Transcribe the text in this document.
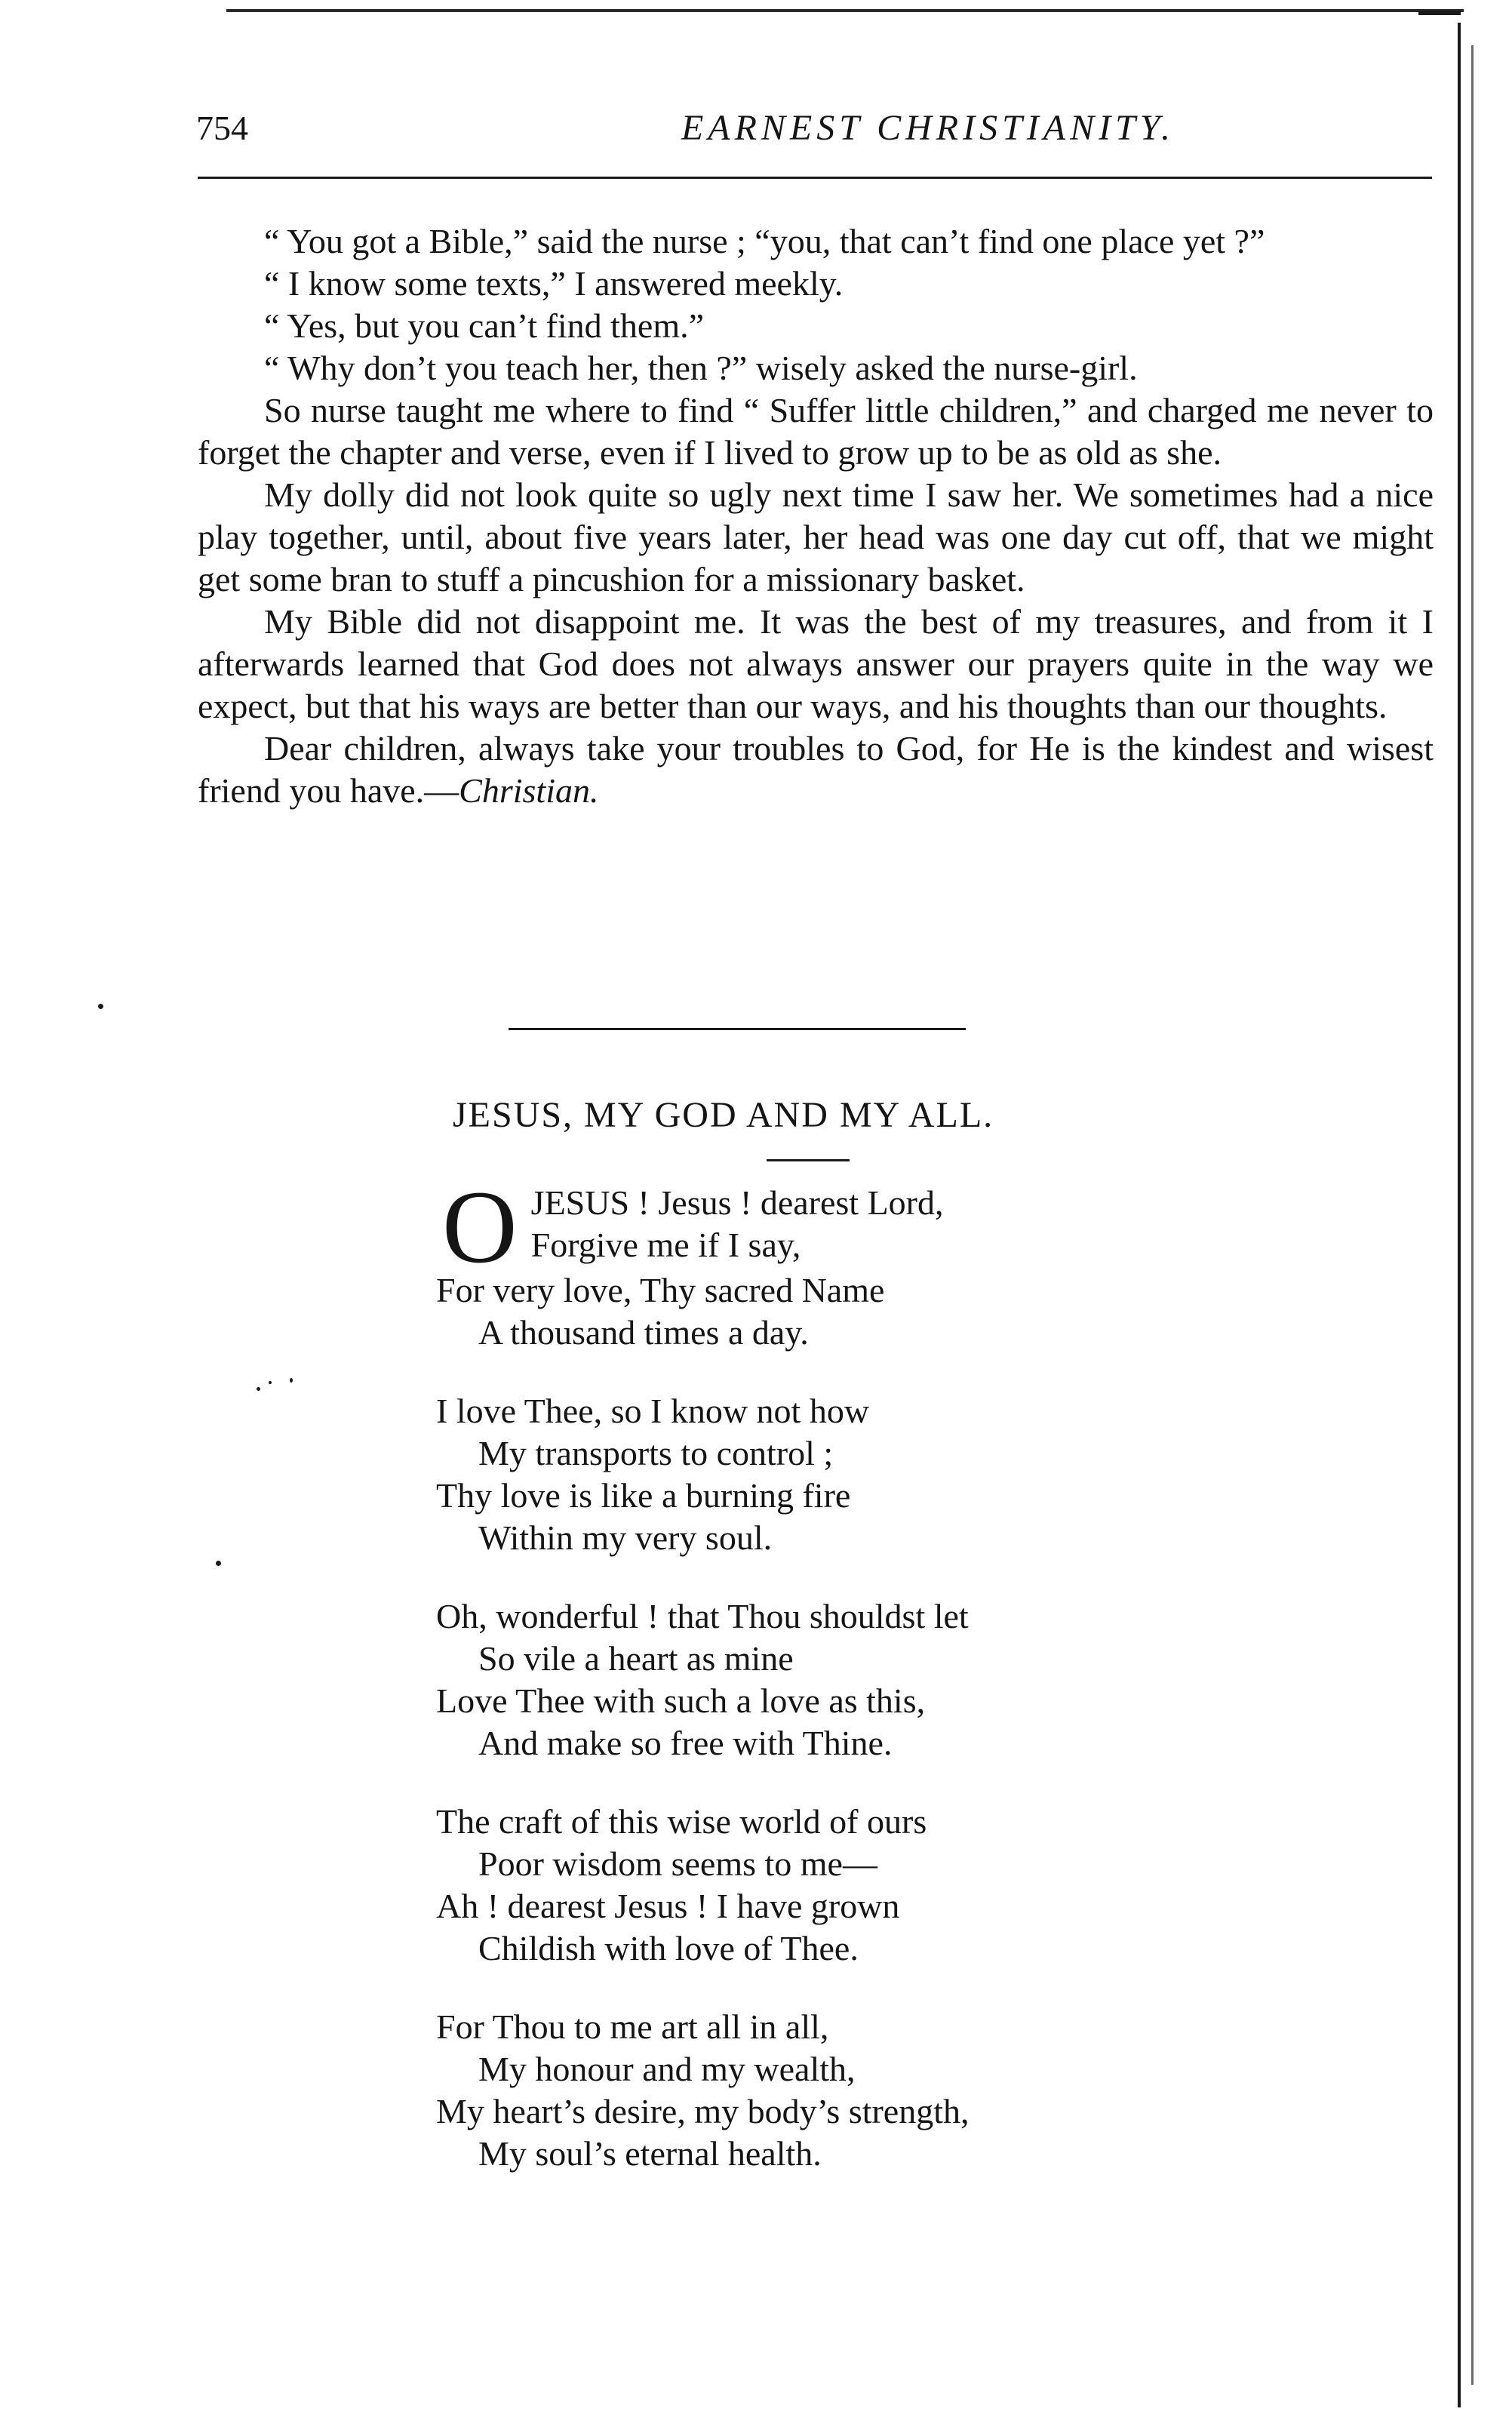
754	EARNEST CHRISTIANITY.

“ You got a Bible,” said the nurse ; “you, that can’t find one place yet ?”

“ I know some texts,” I answered meekly.

“ Yes, but you can’t find them.”

“ Why don’t you teach her, then ?” wisely asked the nurse-girl.

So nurse taught me where to find “ Suffer little children,” and charged me never to forget the chapter and verse, even if I lived to grow up to be as old as she.

My dolly did not look quite so ugly next time I saw her. We sometimes had a nice play together, until, about five years later, her head was one day cut off, that we might get some bran to stuff a pincushion for a missionary basket.

My Bible did not disappoint me. It was the best of my treasures, and from it I afterwards learned that God does not always answer our prayers quite in the way we expect, but that his ways are better than our ways, and his thoughts than our thoughts.

Dear children, always take your troubles to God, for He is the kindest and wisest friend you have.—Christian.

JESUS, MY GOD AND MY ALL.
O JESUS ! Jesus ! dearest Lord,
Forgive me if I say,
For very love, Thy sacred Name
A thousand times a day.
I love Thee, so I know not how
My transports to control ;
Thy love is like a burning fire
Within my very soul.
Oh, wonderful ! that Thou shouldst let
So vile a heart as mine
Love Thee with such a love as this,
And make so free with Thine.
The craft of this wise world of ours
Poor wisdom seems to me—
Ah ! dearest Jesus ! I have grown
Childish with love of Thee.
For Thou to me art all in all,
My honour and my wealth,
My heart’s desire, my body’s strength,
My soul’s eternal health.
